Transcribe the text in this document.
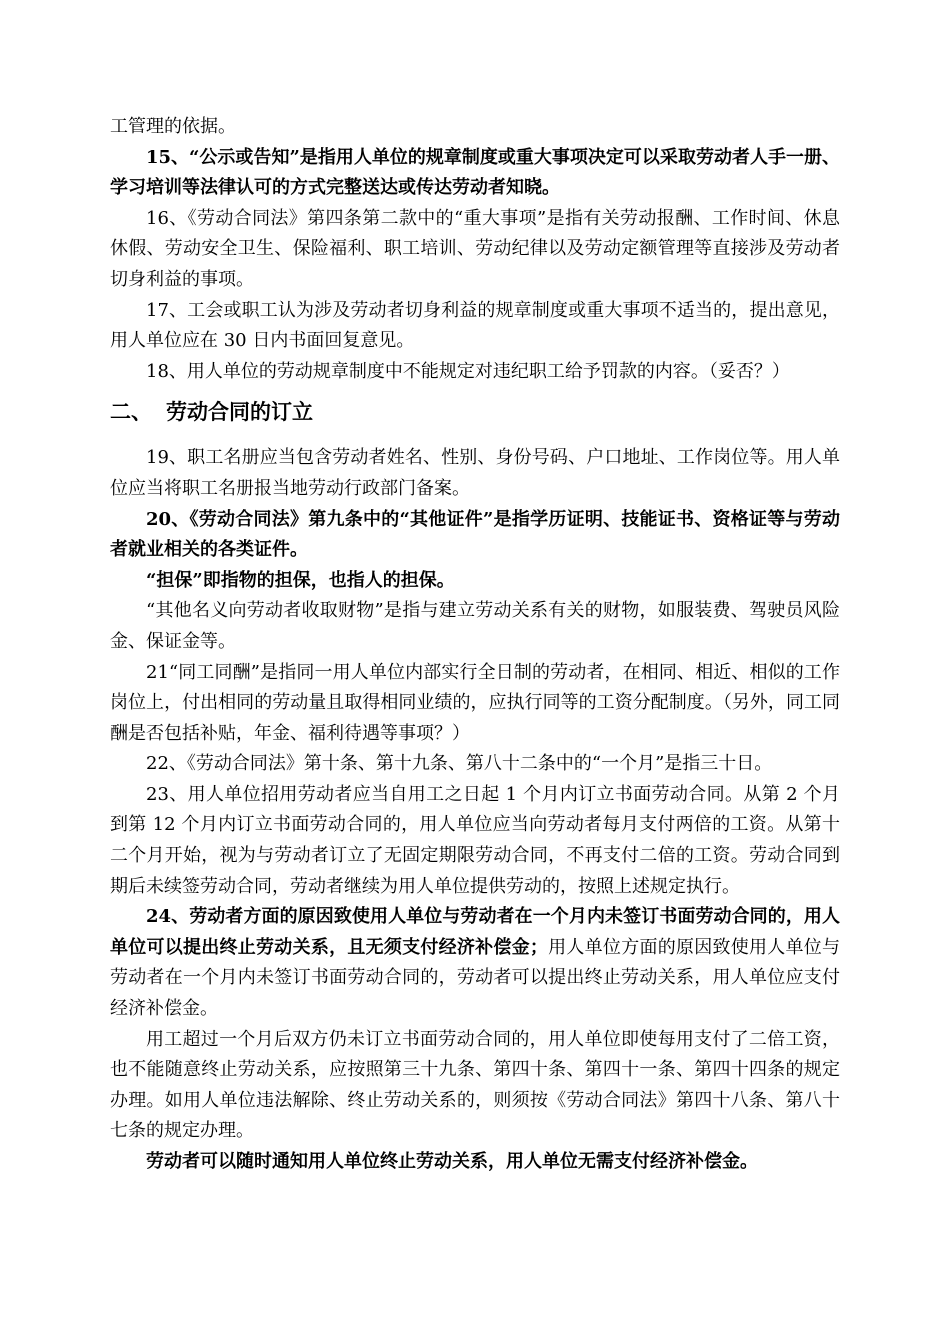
工管理的依据。

15、“公示或告知”是指用人单位的规章制度或重大事项决定可以采取劳动者人手一册、学习培训等法律认可的方式完整送达或传达劳动者知晓。

16、《劳动合同法》第四条第二款中的“重大事项”是指有关劳动报酬、工作时间、休息休假、劳动安全卫生、保险福利、职工培训、劳动纪律以及劳动定额管理等直接涉及劳动者切身利益的事项。

17、工会或职工认为涉及劳动者切身利益的规章制度或重大事项不适当的，提出意见，用人单位应在 30 日内书面回复意见。

18、用人单位的劳动规章制度中不能规定对违纪职工给予罚款的内容。（妥否？）

二、 劳动合同的订立

19、职工名册应当包含劳动者姓名、性别、身份号码、户口地址、工作岗位等。用人单位应当将职工名册报当地劳动行政部门备案。

20、《劳动合同法》第九条中的“其他证件”是指学历证明、技能证书、资格证等与劳动者就业相关的各类证件。

“担保”即指物的担保，也指人的担保。

“其他名义向劳动者收取财物”是指与建立劳动关系有关的财物，如服装费、驾驶员风险金、保证金等。

21“同工同酬”是指同一用人单位内部实行全日制的劳动者，在相同、相近、相似的工作岗位上，付出相同的劳动量且取得相同业绩的，应执行同等的工资分配制度。（另外，同工同酬是否包括补贴，年金、福利待遇等事项？）

22、《劳动合同法》第十条、第十九条、第八十二条中的“一个月”是指三十日。

23、用人单位招用劳动者应当自用工之日起 1 个月内订立书面劳动合同。从第 2 个月到第 12 个月内订立书面劳动合同的，用人单位应当向劳动者每月支付两倍的工资。从第十二个月开始，视为与劳动者订立了无固定期限劳动合同，不再支付二倍的工资。劳动合同到期后未续签劳动合同，劳动者继续为用人单位提供劳动的，按照上述规定执行。

24、劳动者方面的原因致使用人单位与劳动者在一个月内未签订书面劳动合同的，用人单位可以提出终止劳动关系，且无须支付经济补偿金；用人单位方面的原因致使用人单位与劳动者在一个月内未签订书面劳动合同的，劳动者可以提出终止劳动关系，用人单位应支付经济补偿金。

用工超过一个月后双方仍未订立书面劳动合同的，用人单位即使每用支付了二倍工资，也不能随意终止劳动关系，应按照第三十九条、第四十条、第四十一条、第四十四条的规定办理。如用人单位违法解除、终止劳动关系的，则须按《劳动合同法》第四十八条、第八十七条的规定办理。

劳动者可以随时通知用人单位终止劳动关系，用人单位无需支付经济补偿金。
